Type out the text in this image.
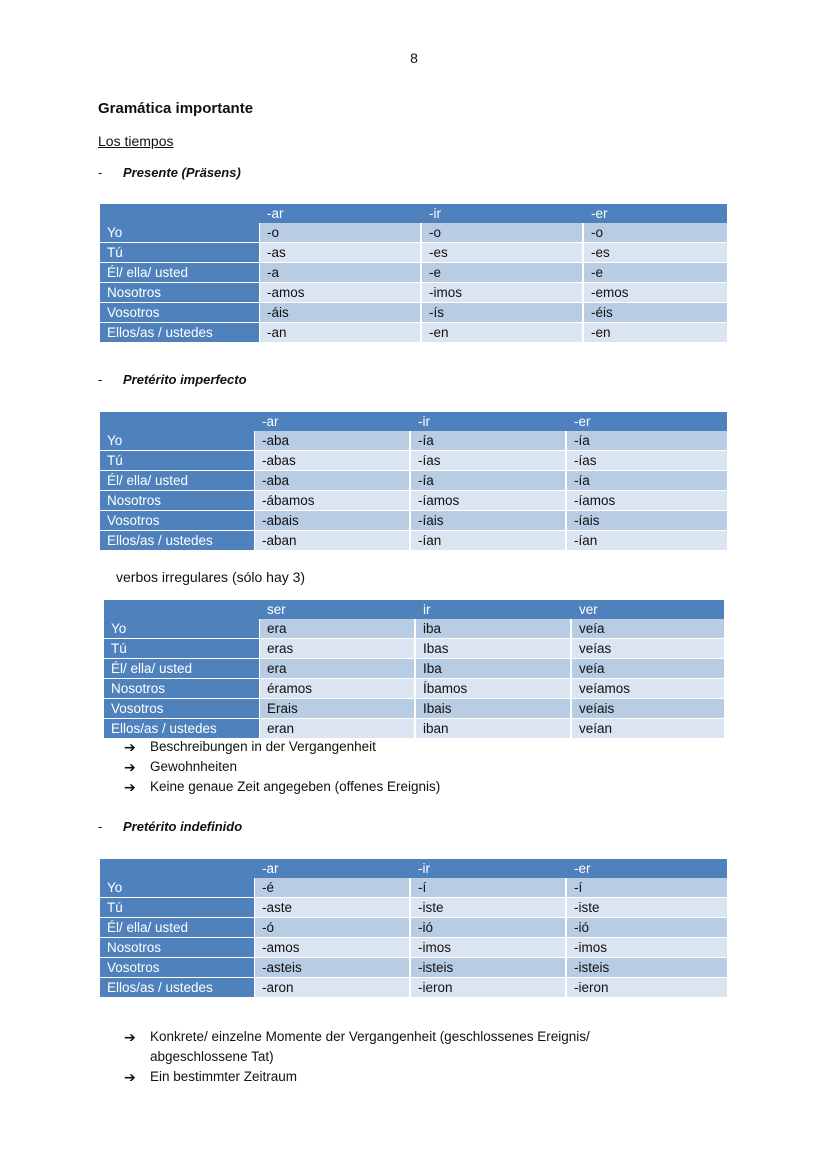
8
Gramática importante
Los tiempos
- Presente (Präsens)
	-ar	-ir	-er
Yo	-o	-o	-o
Tú	-as	-es	-es
Él/ ella/ usted	-a	-e	-e
Nosotros	-amos	-imos	-emos
Vosotros	-áis	-ís	-éis
Ellos/as / ustedes	-an	-en	-en
- Pretérito imperfecto
	-ar	-ir	-er
Yo	-aba	-ía	-ía
Tú	-abas	-ías	-ías
Él/ ella/ usted	-aba	-ía	-ía
Nosotros	-ábamos	-íamos	-íamos
Vosotros	-abais	-íais	-íais
Ellos/as / ustedes	-aban	-ían	-ían
verbos irregulares (sólo hay 3)
	ser	ir	ver
Yo	era	iba	veía
Tú	eras	Ibas	veías
Él/ ella/ usted	era	Iba	veía
Nosotros	éramos	Íbamos	veíamos
Vosotros	Erais	Ibais	veíais
Ellos/as / ustedes	eran	iban	veían
➔ Beschreibungen in der Vergangenheit
➔ Gewohnheiten
➔ Keine genaue Zeit angegeben (offenes Ereignis)
- Pretérito indefinido
	-ar	-ir	-er
Yo	-é	-í	-í
Tú	-aste	-iste	-iste
Él/ ella/ usted	-ó	-ió	-ió
Nosotros	-amos	-imos	-imos
Vosotros	-asteis	-isteis	-isteis
Ellos/as / ustedes	-aron	-ieron	-ieron
➔ Konkrete/ einzelne Momente der Vergangenheit (geschlossenes Ereignis/ abgeschlossene Tat)
➔ Ein bestimmter Zeitraum
